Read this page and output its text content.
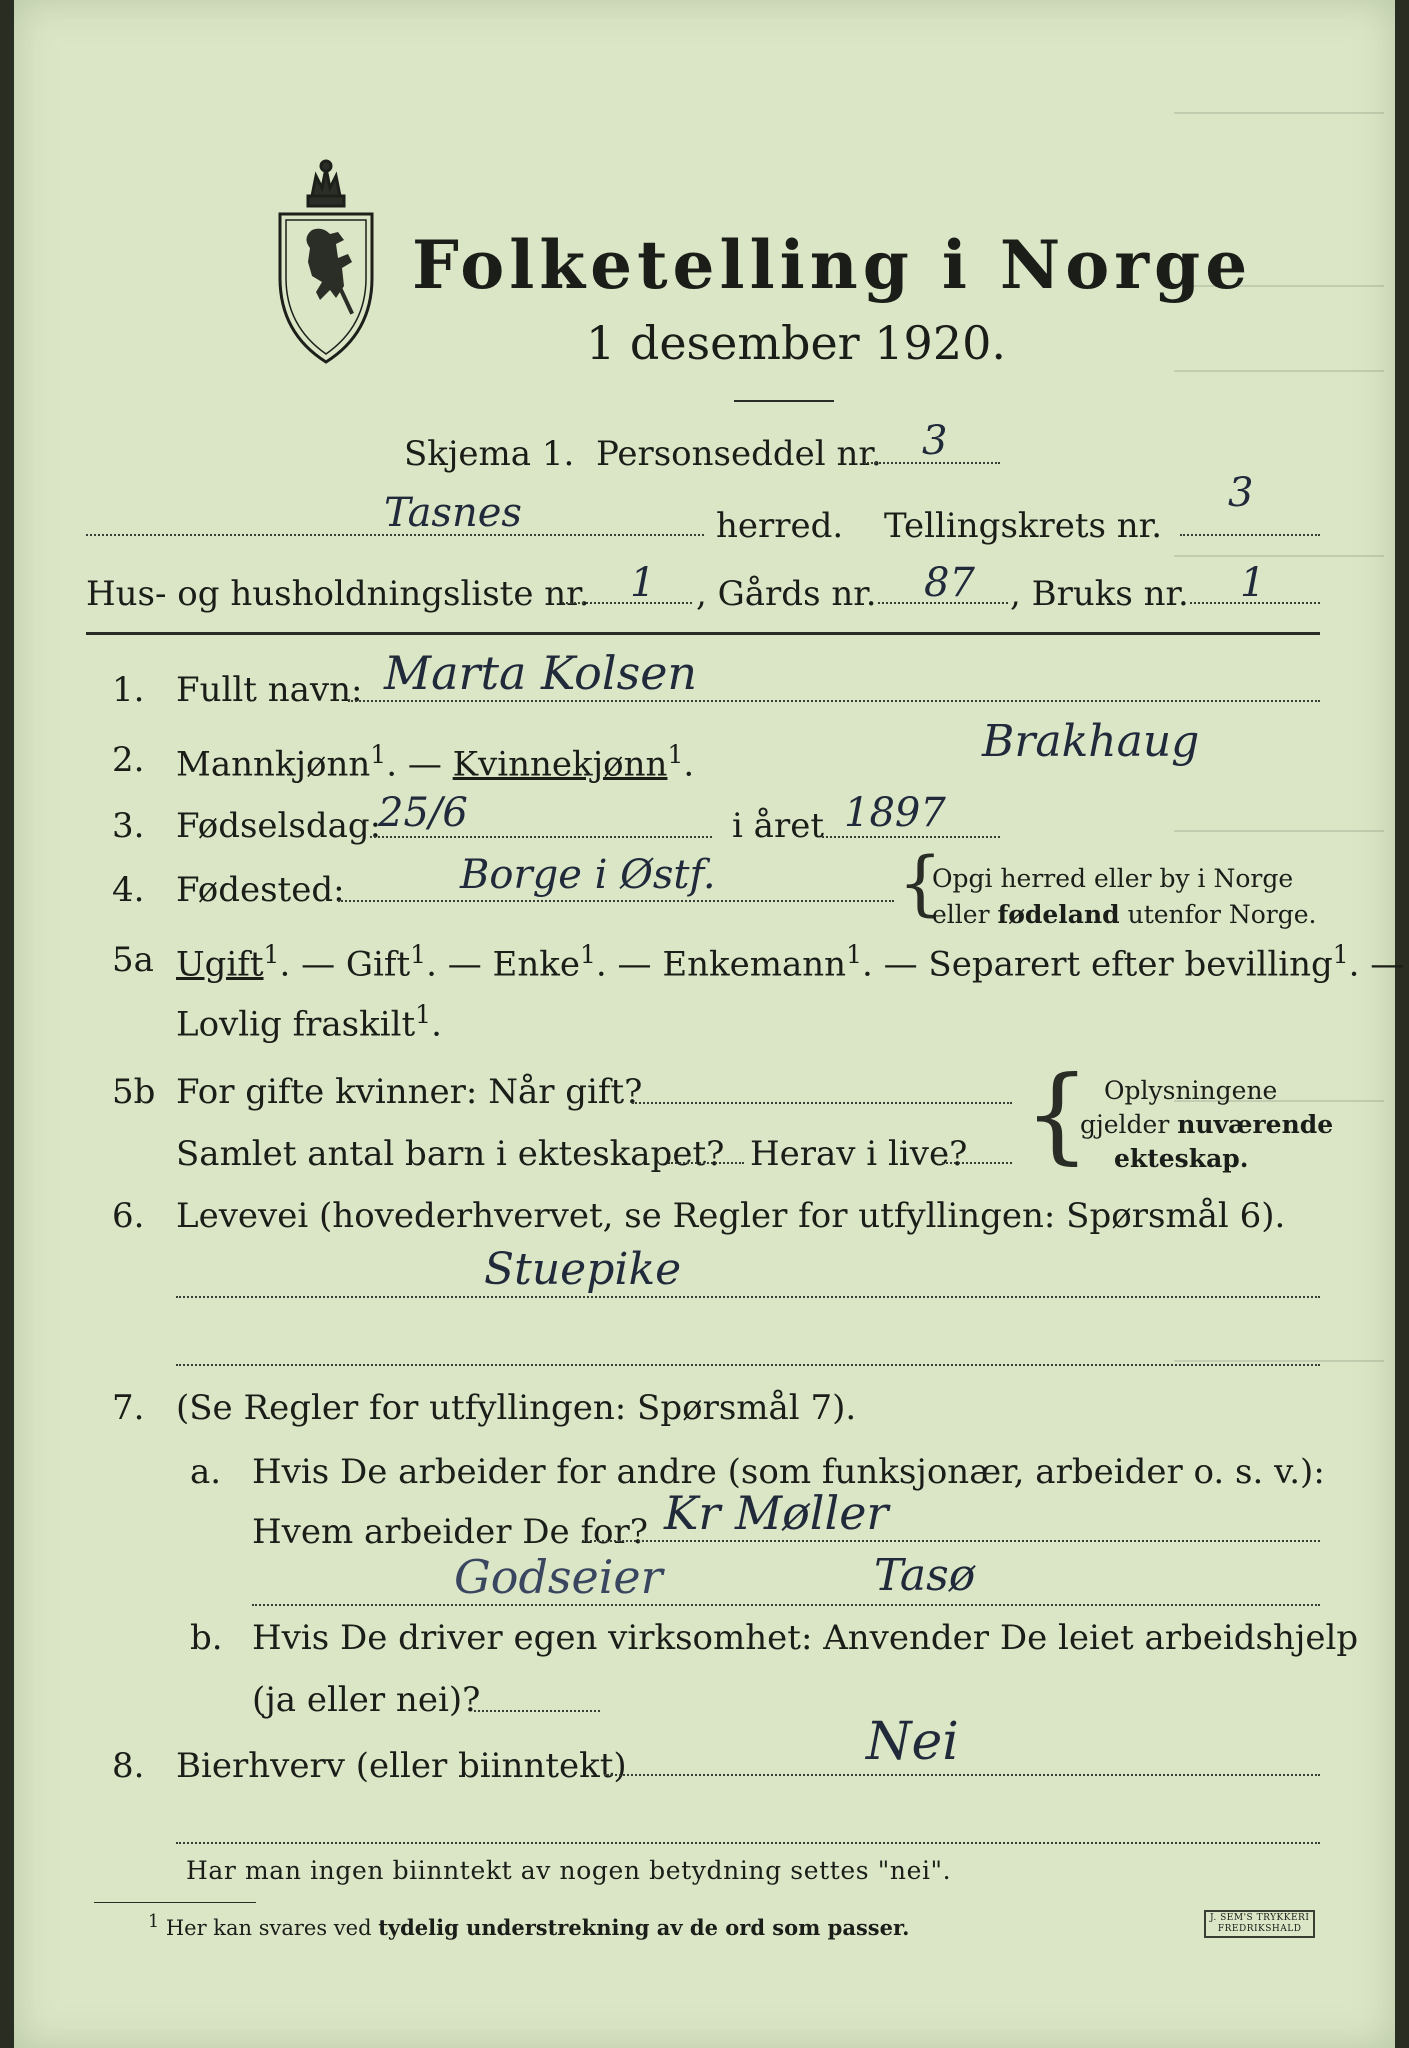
Folketelling i Norge
1 desember 1920.
Skjema 1. Personseddel nr. 3
Tasnes	herred. Tellingskrets nr.
3
Hus- og husholdningsliste nr. 1 , Gårds nr. 87 , Bruks nr. 1
1. Fullt navn: Marta Kolsen
2. Mannkjønn$^1$. — Kvinnekjønn$^1$.	Brakhaug
3. Fødselsdag:
25/6	i året 1897
4. Fødested:	Borge i Østf.	{
Opgi herred eller by i Norge
eller fødeland utenfor Norge.
5a Ugift$^1$. — Gift$^1$. — Enke$^1$. — Enkemann$^1$. — Separert efter bevilling$^1$. —
Lovlig fraskilt$^1$.
5b For gifte kvinner: Når gift?
Samlet antal barn i ekteskapet? Herav i live? { Oplysningene
gjelder nuværende
ekteskap.
6. Levevei (hovederhvervet, se Regler for utfyllingen: Spørsmål 6).
Stuepike
7. (Se Regler for utfyllingen: Spørsmål 7).
a. Hvis De arbeider for andre (som funksjonær, arbeider o. s. v.):
Hvem arbeider De for? Kr Møller
Godseier	Tasø
b. Hvis De driver egen virksomhet: Anvender De leiet arbeidshjelp
(ja eller nei)?
8. Bierhverv (eller biinntekt)	Nei
Har man ingen biinntekt av nogen betydning settes "nei".
$^1$ Her kan svares ved tydelig understrekning av de ord som passer.	J. SEM'S TRYKKERI
FREDRIKSHALD
